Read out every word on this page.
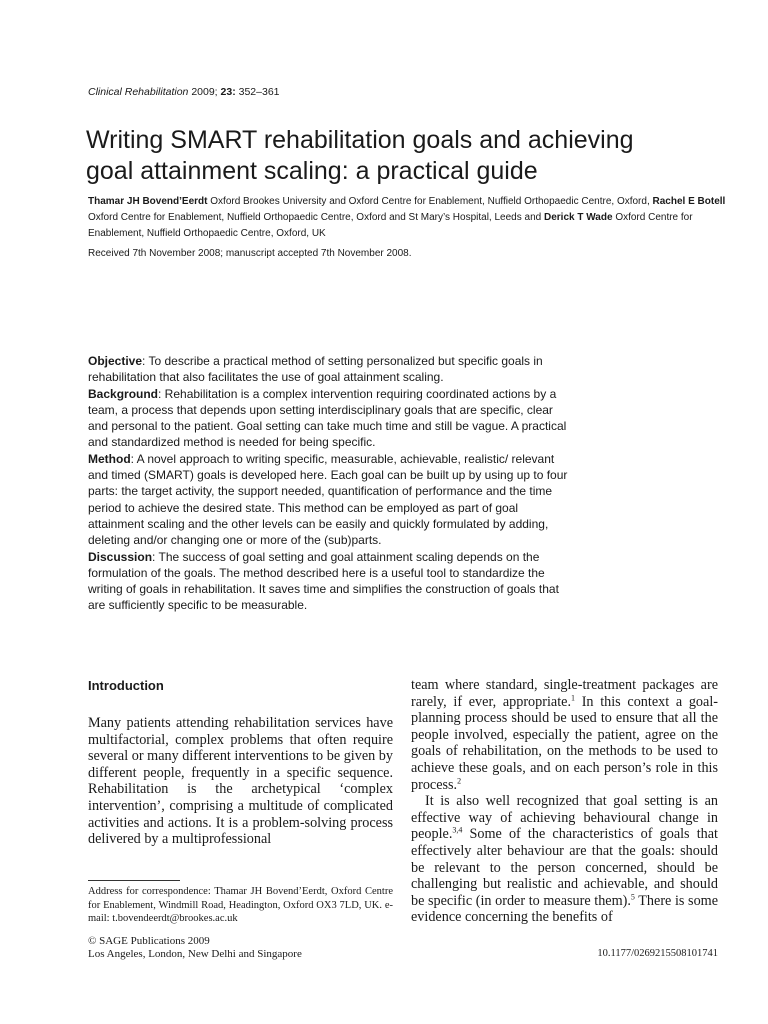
Clinical Rehabilitation 2009; 23: 352–361
Writing SMART rehabilitation goals and achieving goal attainment scaling: a practical guide
Thamar JH Bovend’Eerdt Oxford Brookes University and Oxford Centre for Enablement, Nuffield Orthopaedic Centre, Oxford, Rachel E Botell Oxford Centre for Enablement, Nuffield Orthopaedic Centre, Oxford and St Mary’s Hospital, Leeds and Derick T Wade Oxford Centre for Enablement, Nuffield Orthopaedic Centre, Oxford, UK
Received 7th November 2008; manuscript accepted 7th November 2008.

Objective: To describe a practical method of setting personalized but specific goals in rehabilitation that also facilitates the use of goal attainment scaling.

Background: Rehabilitation is a complex intervention requiring coordinated actions by a team, a process that depends upon setting interdisciplinary goals that are specific, clear and personal to the patient. Goal setting can take much time and still be vague. A practical and standardized method is needed for being specific.

Method: A novel approach to writing specific, measurable, achievable, realistic/ relevant and timed (SMART) goals is developed here. Each goal can be built up by using up to four parts: the target activity, the support needed, quantification of performance and the time period to achieve the desired state. This method can be employed as part of goal attainment scaling and the other levels can be easily and quickly formulated by adding, deleting and/or changing one or more of the (sub)parts.

Discussion: The success of goal setting and goal attainment scaling depends on the formulation of the goals. The method described here is a useful tool to standardize the writing of goals in rehabilitation. It saves time and simplifies the construction of goals that are sufficiently specific to be measurable.

Introduction

Many patients attending rehabilitation services have multifactorial, complex problems that often require several or many different interventions to be given by different people, frequently in a specific sequence. Rehabilitation is the archetypical ‘complex intervention’, comprising a multitude of complicated activities and actions. It is a problem-solving process delivered by a multiprofessional

team where standard, single-treatment packages are rarely, if ever, appropriate.$^1$ In this context a goal-planning process should be used to ensure that all the people involved, especially the patient, agree on the goals of rehabilitation, on the methods to be used to achieve these goals, and on each person’s role in this process.$^2$

It is also well recognized that goal setting is an effective way of achieving behavioural change in people.$^{3,4}$ Some of the characteristics of goals that effectively alter behaviour are that the goals: should be relevant to the person concerned, should be challenging but realistic and achievable, and should be specific (in order to measure them).$^5$ There is some evidence concerning the benefits of

Address for correspondence: Thamar JH Bovend’Eerdt, Oxford Centre for Enablement, Windmill Road, Headington, Oxford OX3 7LD, UK. e-mail: t.bovendeerdt@brookes.ac.uk
© SAGE Publications 2009
Los Angeles, London, New Delhi and Singapore	10.1177/0269215508101741
